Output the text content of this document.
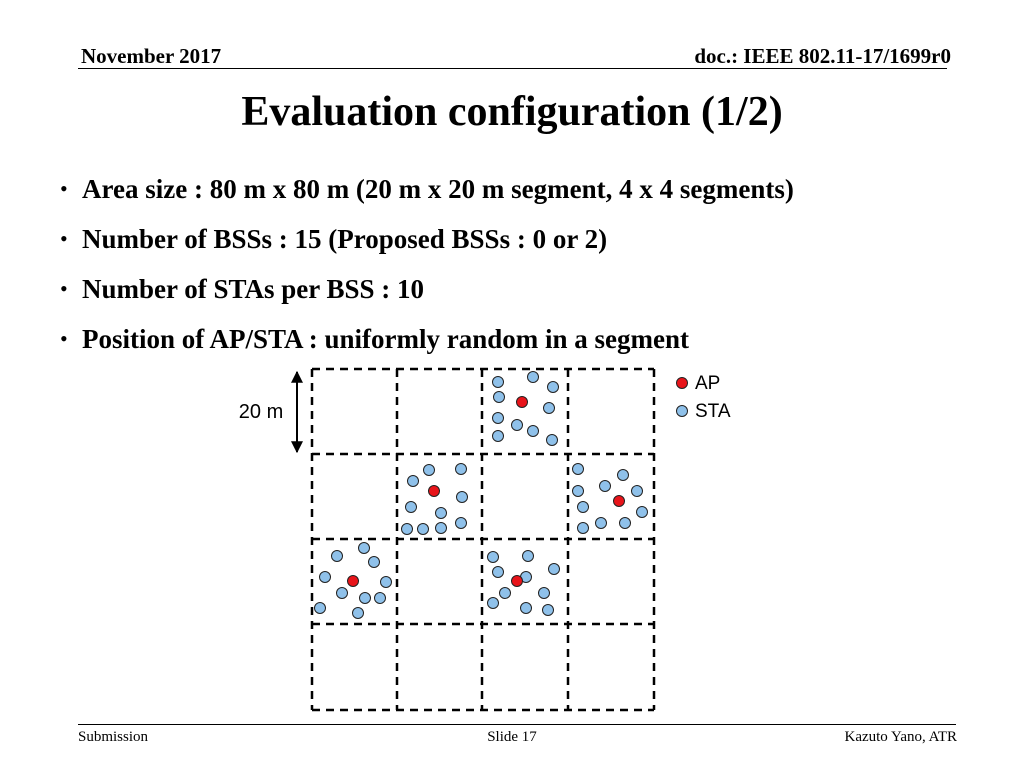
November 2017	doc.: IEEE 802.11-17/1699r0
Evaluation configuration (1/2)
• Area size : 80 m x 80 m (20 m x 20 m segment, 4 x 4 segments)
• Number of BSSs : 15 (Proposed BSSs : 0 or 2)
• Number of STAs per BSS : 10
• Position of AP/STA : uniformly random in a segment
20 m
AP
STA
Submission	Slide 17	Kazuto Yano, ATR
